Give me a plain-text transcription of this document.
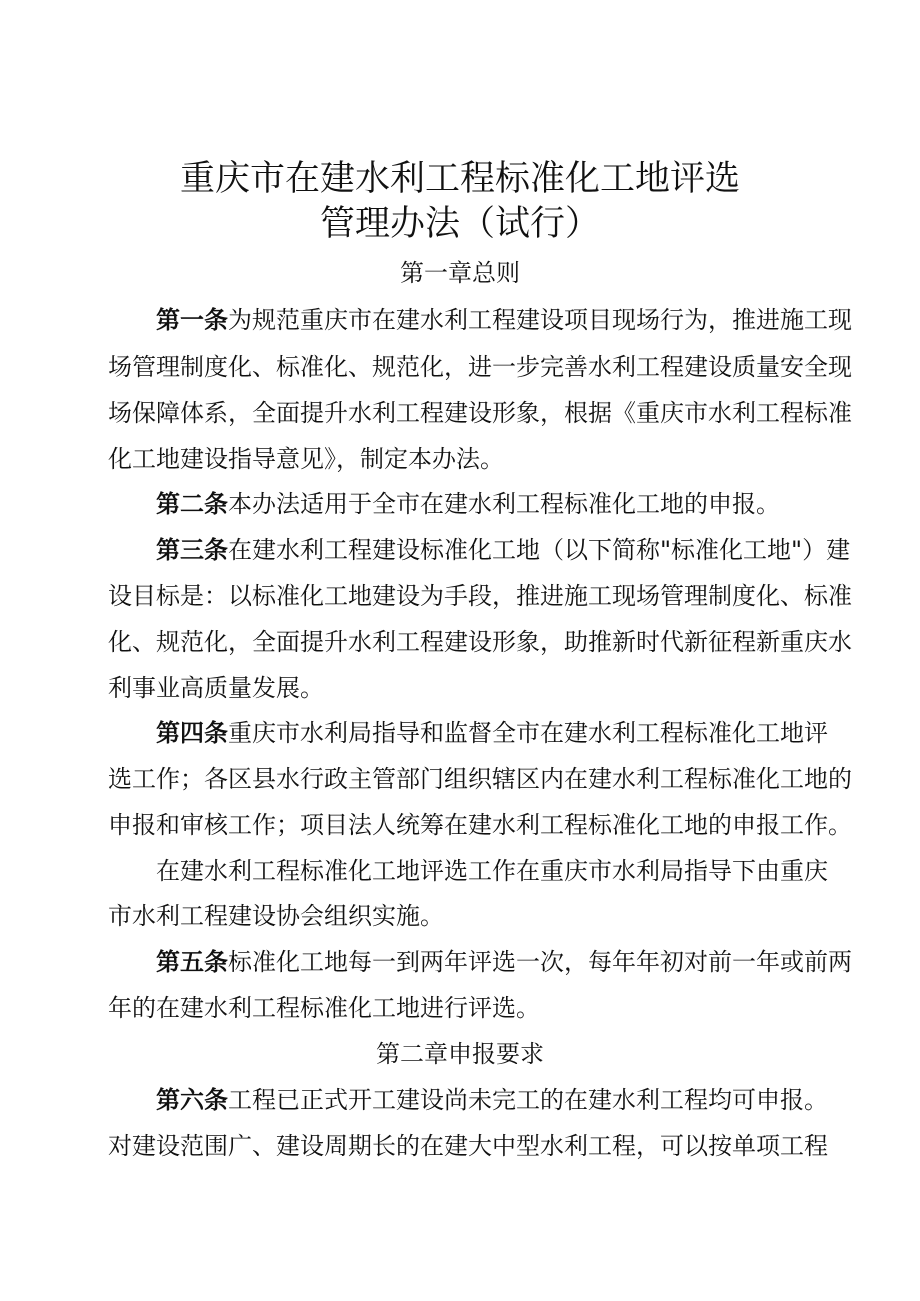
重庆市在建水利工程标准化工地评选
管理办法（试行）

第一章总则

第一条为规范重庆市在建水利工程建设项目现场行为，推进施工现

场管理制度化、标准化、规范化，进一步完善水利工程建设质量安全现

场保障体系，全面提升水利工程建设形象，根据《重庆市水利工程标准

化工地建设指导意见》，制定本办法。

第二条本办法适用于全市在建水利工程标准化工地的申报。

第三条在建水利工程建设标准化工地（以下简称"标准化工地"）建

设目标是：以标准化工地建设为手段，推进施工现场管理制度化、标准

化、规范化，全面提升水利工程建设形象，助推新时代新征程新重庆水

利事业高质量发展。

第四条重庆市水利局指导和监督全市在建水利工程标准化工地评

选工作；各区县水行政主管部门组织辖区内在建水利工程标准化工地的

申报和审核工作；项目法人统筹在建水利工程标准化工地的申报工作。

在建水利工程标准化工地评选工作在重庆市水利局指导下由重庆

市水利工程建设协会组织实施。

第五条标准化工地每一到两年评选一次，每年年初对前一年或前两

年的在建水利工程标准化工地进行评选。

第二章申报要求

第六条工程已正式开工建设尚未完工的在建水利工程均可申报。

对建设范围广、建设周期长的在建大中型水利工程，可以按单项工程
